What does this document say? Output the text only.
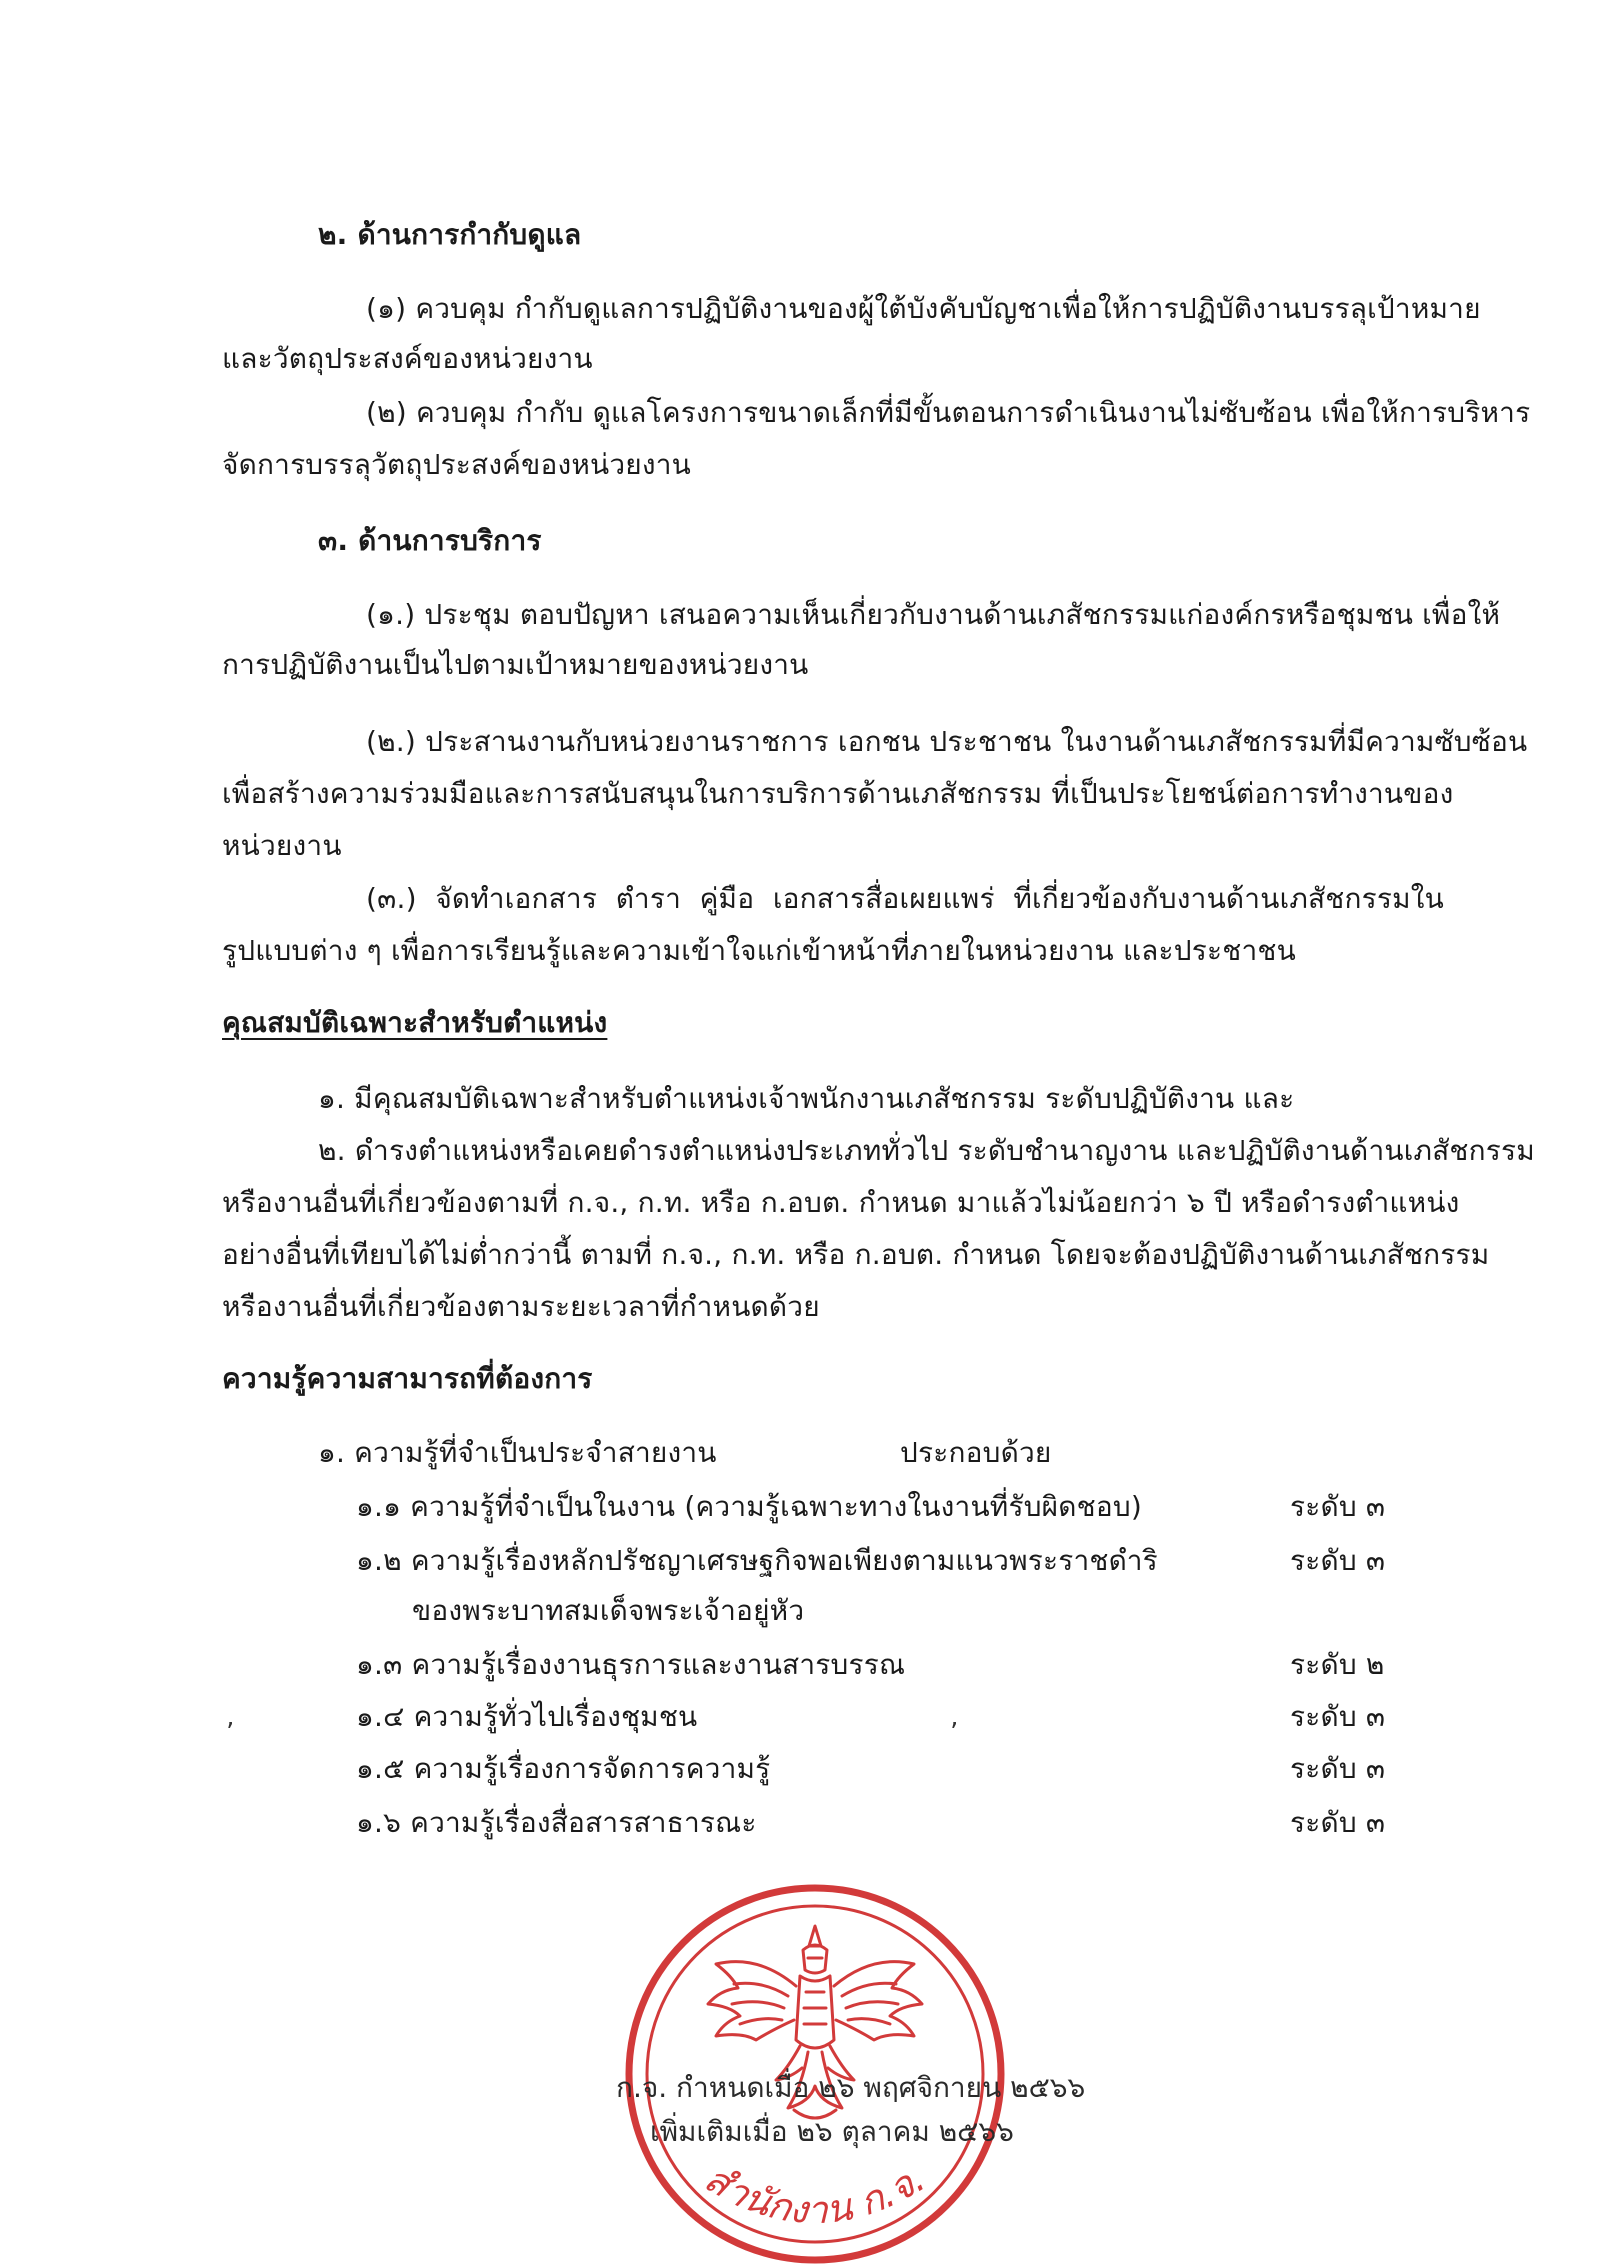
๒. ด้านการกำกับดูแล
(๑) ควบคุม กำกับดูแลการปฏิบัติงานของผู้ใต้บังคับบัญชาเพื่อให้การปฏิบัติงานบรรลุเป้าหมาย
และวัตถุประสงค์ของหน่วยงาน
(๒) ควบคุม กำกับ ดูแลโครงการขนาดเล็กที่มีขั้นตอนการดำเนินงานไม่ซับซ้อน เพื่อให้การบริหาร
จัดการบรรลุวัตถุประสงค์ของหน่วยงาน
๓. ด้านการบริการ
(๑.) ประชุม ตอบปัญหา เสนอความเห็นเกี่ยวกับงานด้านเภสัชกรรมแก่องค์กรหรือชุมชน เพื่อให้
การปฏิบัติงานเป็นไปตามเป้าหมายของหน่วยงาน
(๒.) ประสานงานกับหน่วยงานราชการ เอกชน ประชาชน ในงานด้านเภสัชกรรมที่มีความซับซ้อน
เพื่อสร้างความร่วมมือและการสนับสนุนในการบริการด้านเภสัชกรรม ที่เป็นประโยชน์ต่อการทำงานของ
หน่วยงาน
(๓.) จัดทำเอกสาร ตำรา คู่มือ เอกสารสื่อเผยแพร่ ที่เกี่ยวข้องกับงานด้านเภสัชกรรมใน
รูปแบบต่าง ๆ เพื่อการเรียนรู้และความเข้าใจแก่เข้าหน้าที่ภายในหน่วยงาน และประชาชน
คุณสมบัติเฉพาะสำหรับตำแหน่ง
๑. มีคุณสมบัติเฉพาะสำหรับตำแหน่งเจ้าพนักงานเภสัชกรรม ระดับปฏิบัติงาน และ
๒. ดำรงตำแหน่งหรือเคยดำรงตำแหน่งประเภททั่วไป ระดับชำนาญงาน และปฏิบัติงานด้านเภสัชกรรม
หรืองานอื่นที่เกี่ยวข้องตามที่ ก.จ., ก.ท. หรือ ก.อบต. กำหนด มาแล้วไม่น้อยกว่า ๖ ปี หรือดำรงตำแหน่ง
อย่างอื่นที่เทียบได้ไม่ต่ำกว่านี้ ตามที่ ก.จ., ก.ท. หรือ ก.อบต. กำหนด โดยจะต้องปฏิบัติงานด้านเภสัชกรรม
หรืองานอื่นที่เกี่ยวข้องตามระยะเวลาที่กำหนดด้วย
ความรู้ความสามารถที่ต้องการ
๑. ความรู้ที่จำเป็นประจำสายงาน	ประกอบด้วย
๑.๑ ความรู้ที่จำเป็นในงาน (ความรู้เฉพาะทางในงานที่รับผิดชอบ)	ระดับ ๓
๑.๒ ความรู้เรื่องหลักปรัชญาเศรษฐกิจพอเพียงตามแนวพระราชดำริ	ระดับ ๓
ของพระบาทสมเด็จพระเจ้าอยู่หัว
๑.๓ ความรู้เรื่องงานธุรการและงานสารบรรณ	ระดับ ๒
๑.๔ ความรู้ทั่วไปเรื่องชุมชน	ระดับ ๓
๑.๕ ความรู้เรื่องการจัดการความรู้	ระดับ ๓
๑.๖ ความรู้เรื่องสื่อสารสาธารณะ	ระดับ ๓
’	’
สำนักงาน ก.จ.
ก.จ. กำหนดเมื่อ ๒๖ พฤศจิกายน ๒๕๖๖
เพิ่มเติมเมื่อ ๒๖ ตุลาคม ๒๕๖๖
